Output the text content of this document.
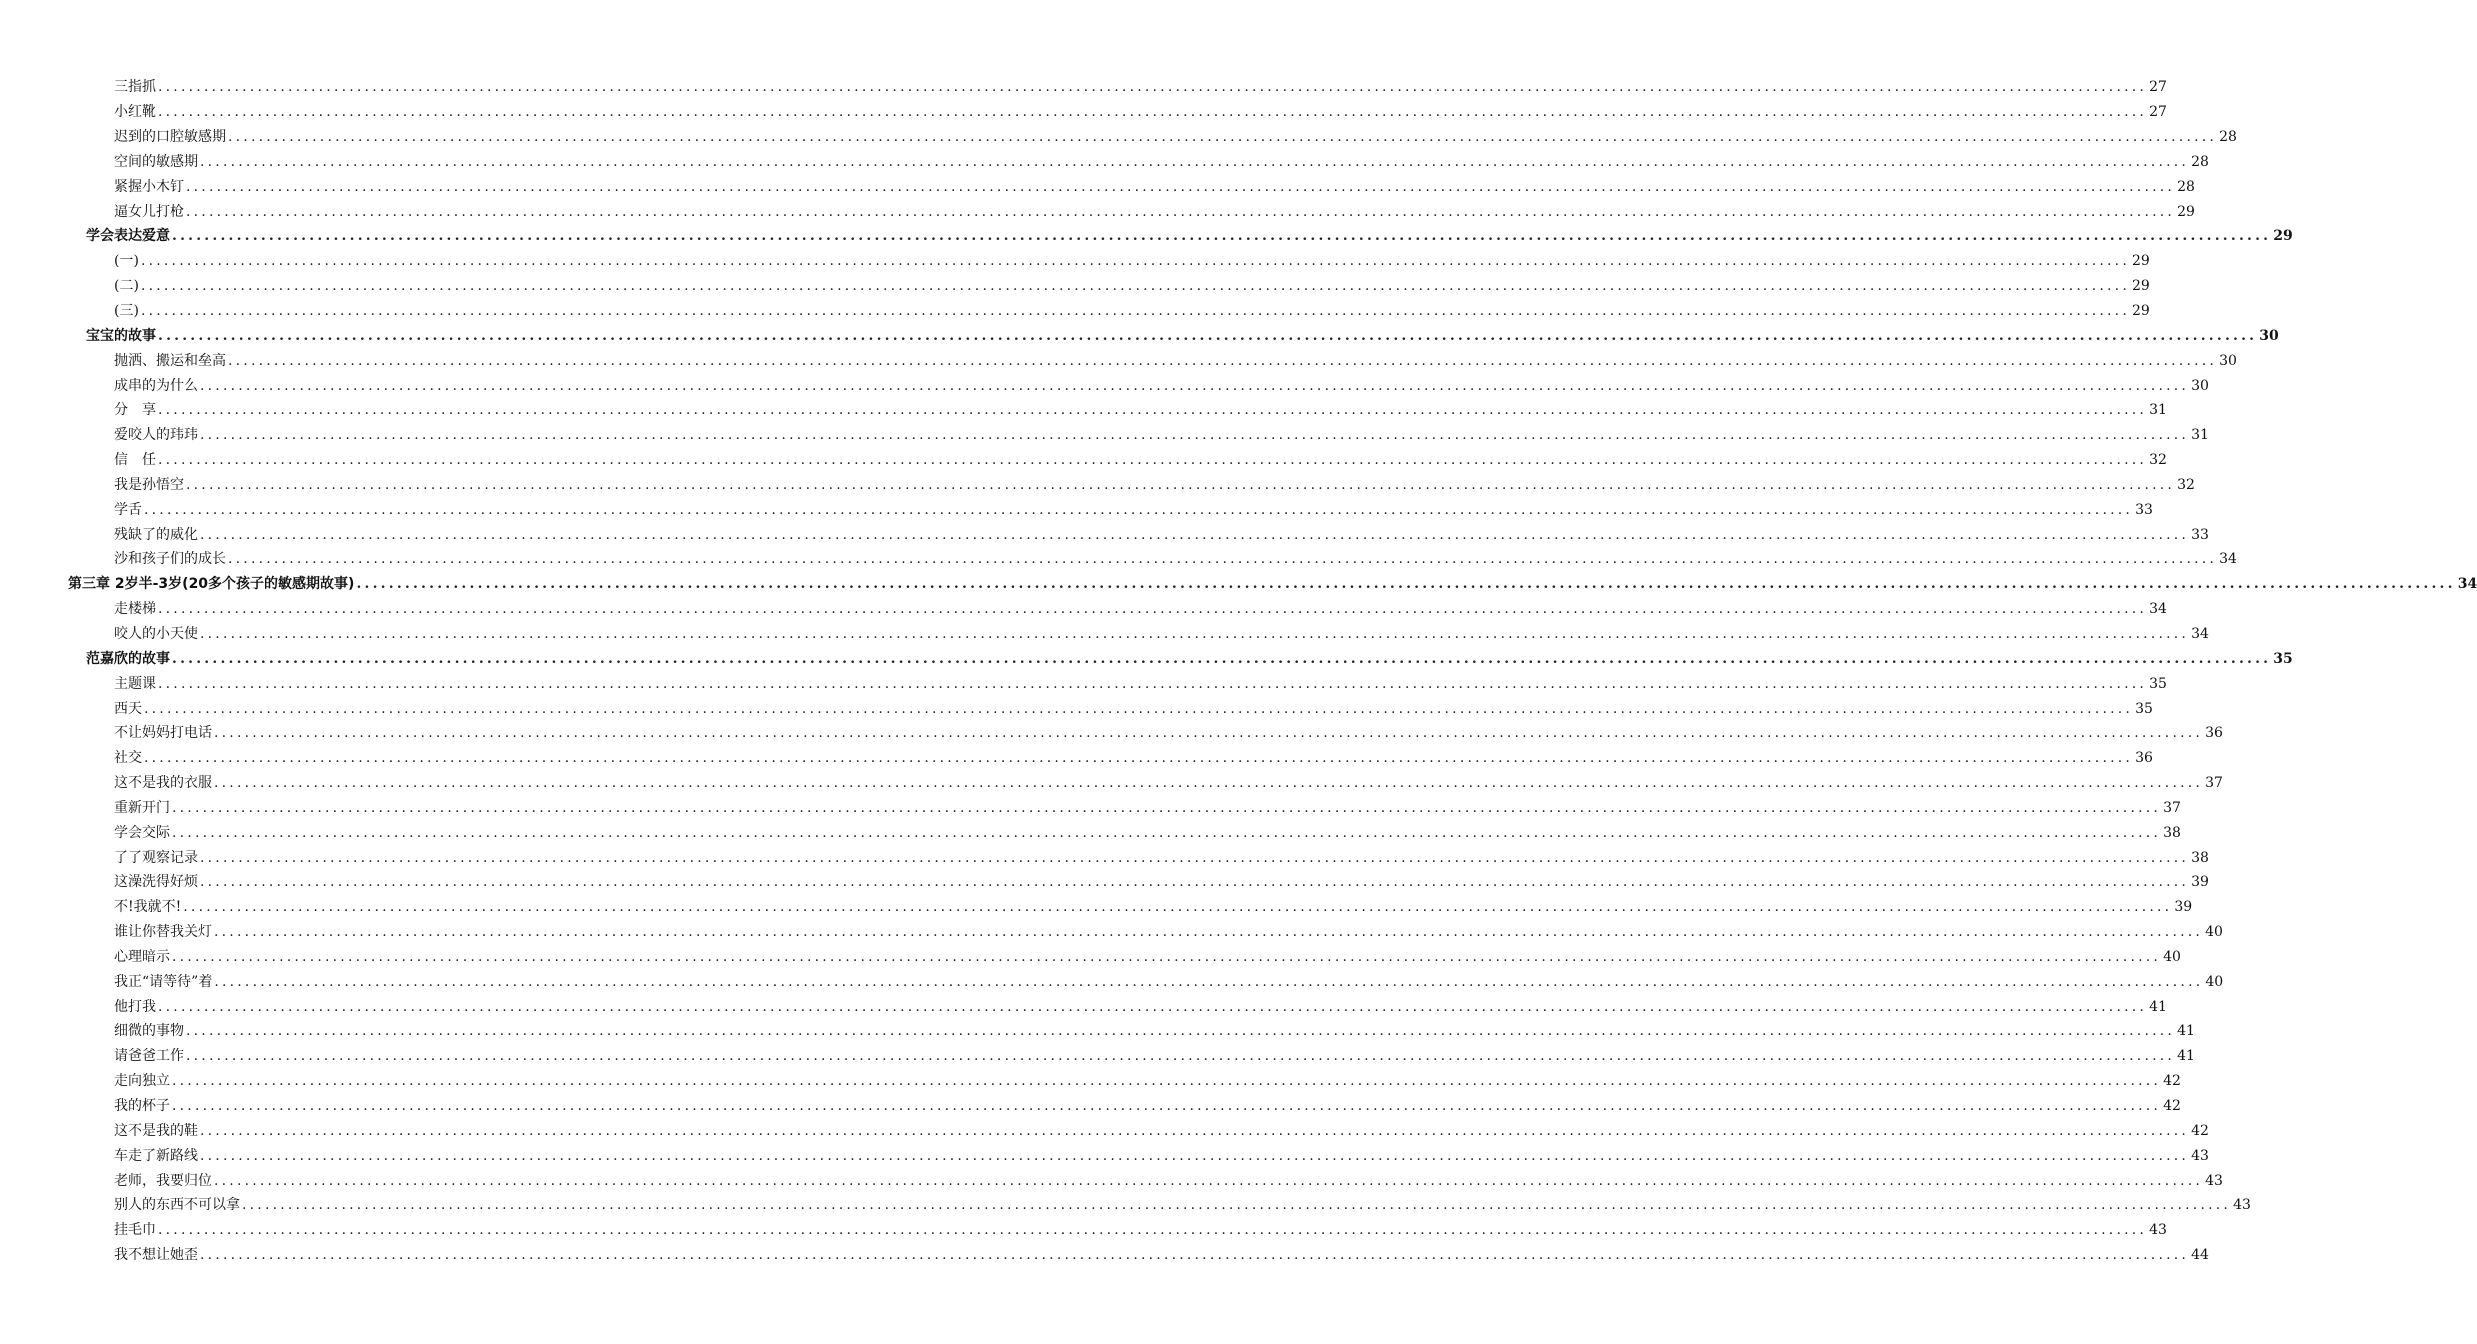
三指抓 .................................................................................................................................................................................................................................................................... 27
小红靴 .................................................................................................................................................................................................................................................................... 27
迟到的口腔敏感期 .................................................................................................................................................................................................................................................................... 28
空间的敏感期 .................................................................................................................................................................................................................................................................... 28
紧握小木钉 .................................................................................................................................................................................................................................................................... 28
逼女儿打枪 .................................................................................................................................................................................................................................................................... 29
学会表达爱意 .................................................................................................................................................................................................................................................................... 29
(一) .................................................................................................................................................................................................................................................................... 29
(二) .................................................................................................................................................................................................................................................................... 29
(三) .................................................................................................................................................................................................................................................................... 29
宝宝的故事 .................................................................................................................................................................................................................................................................... 30
抛洒、搬运和垒高 .................................................................................................................................................................................................................................................................... 30
成串的为什么 .................................................................................................................................................................................................................................................................... 30
分　享 .................................................................................................................................................................................................................................................................... 31
爱咬人的玮玮 .................................................................................................................................................................................................................................................................... 31
信　任 .................................................................................................................................................................................................................................................................... 32
我是孙悟空 .................................................................................................................................................................................................................................................................... 32
学舌 .................................................................................................................................................................................................................................................................... 33
残缺了的威化 .................................................................................................................................................................................................................................................................... 33
沙和孩子们的成长 .................................................................................................................................................................................................................................................................... 34
第三章 2岁半-3岁(20多个孩子的敏感期故事) .................................................................................................................................................................................................................................................................... 34
走楼梯 .................................................................................................................................................................................................................................................................... 34
咬人的小天使 .................................................................................................................................................................................................................................................................... 34
范嘉欣的故事 .................................................................................................................................................................................................................................................................... 35
主题课 .................................................................................................................................................................................................................................................................... 35
西天 .................................................................................................................................................................................................................................................................... 35
不让妈妈打电话 .................................................................................................................................................................................................................................................................... 36
社交 .................................................................................................................................................................................................................................................................... 36
这不是我的衣服 .................................................................................................................................................................................................................................................................... 37
重新开门 .................................................................................................................................................................................................................................................................... 37
学会交际 .................................................................................................................................................................................................................................................................... 38
了了观察记录 .................................................................................................................................................................................................................................................................... 38
这澡洗得好烦 .................................................................................................................................................................................................................................................................... 39
不!我就不! .................................................................................................................................................................................................................................................................... 39
谁让你替我关灯 .................................................................................................................................................................................................................................................................... 40
心理暗示 .................................................................................................................................................................................................................................................................... 40
我正“请等待”着 .................................................................................................................................................................................................................................................................... 40
他打我 .................................................................................................................................................................................................................................................................... 41
细微的事物 .................................................................................................................................................................................................................................................................... 41
请爸爸工作 .................................................................................................................................................................................................................................................................... 41
走向独立 .................................................................................................................................................................................................................................................................... 42
我的杯子 .................................................................................................................................................................................................................................................................... 42
这不是我的鞋 .................................................................................................................................................................................................................................................................... 42
车走了新路线 .................................................................................................................................................................................................................................................................... 43
老师，我要归位 .................................................................................................................................................................................................................................................................... 43
别人的东西不可以拿 .................................................................................................................................................................................................................................................................... 43
挂毛巾 .................................................................................................................................................................................................................................................................... 43
我不想让她歪 .................................................................................................................................................................................................................................................................... 44
